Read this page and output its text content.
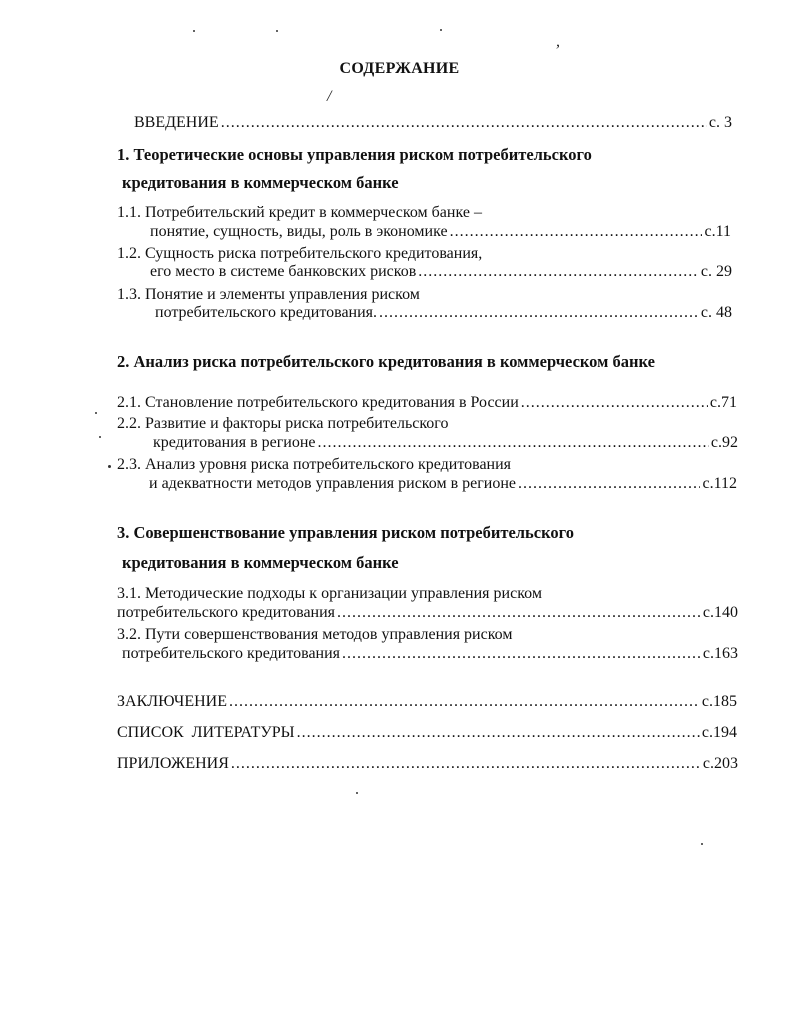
СОДЕРЖАНИЕ
ВВЕДЕНИЕ .....	с. 3
1. Теоретические основы управления риском потребительского
кредитования в коммерческом банке
1.1. Потребительский кредит в коммерческом банке –
понятие, сущность, виды, роль в экономике .....	с.11
1.2. Сущность риска потребительского кредитования,
его место в системе банковских рисков .....	с. 29
1.3. Понятие и элементы управления риском
потребительского кредитования. .....	с. 48
2. Анализ риска потребительского кредитования в коммерческом банке
2.1. Становление потребительского кредитования в России .....	с.71
2.2. Развитие и факторы риска потребительского
кредитования в регионе .....	с.92
2.3. Анализ уровня риска потребительского кредитования
и адекватности методов управления риском в регионе .....	с.112
3. Совершенствование управления риском потребительского
кредитования в коммерческом банке
3.1. Методические подходы к организации управления риском
потребительского кредитования .....	с.140
3.2. Пути совершенствования методов управления риском
потребительского кредитования .....	с.163
ЗАКЛЮЧЕНИЕ .....	с.185
СПИСОК  ЛИТЕРАТУРЫ .....	с.194
ПРИЛОЖЕНИЯ .....	с.203
/
,
